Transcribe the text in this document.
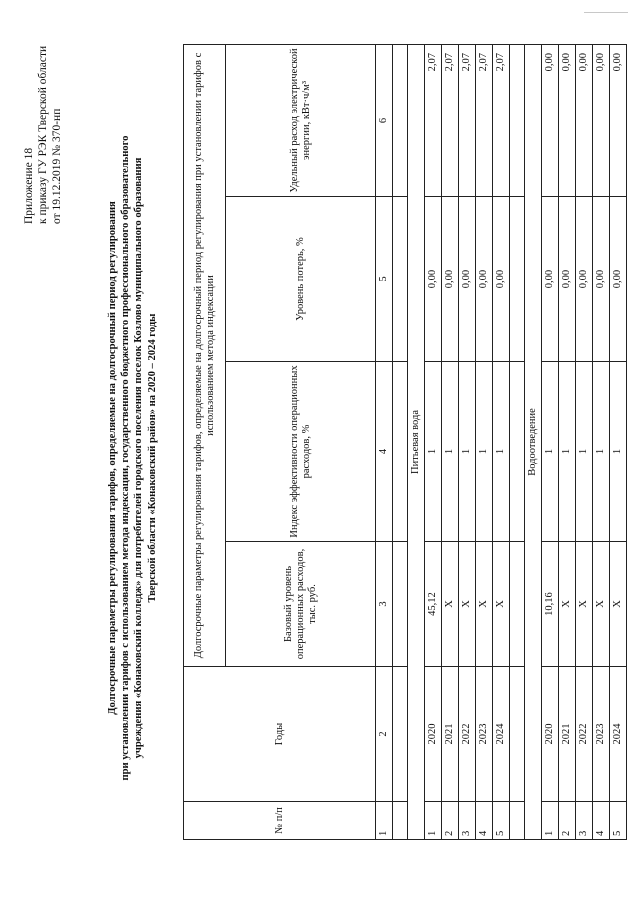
Приложение 18 к приказу ГУ РЭК Тверской области от 19.12.2019 № 370-нп
Долгосрочные параметры регулирования тарифов, определяемые на долгосрочный период регулирования при установлении тарифов с использованием метода индексации, государственного бюджетного профессионального образовательного учреждения «Конаковский колледж» для потребителей городского поселения поселок Козлово муниципального образования Тверской области «Конаковский район» на 2020 – 2024 годы
№ п/п	Годы	Долгосрочные параметры регулирования тарифов, определяемые на долгосрочный период регулирования при установлении тарифов с использованием метода индексации			
		Базовый уровень операционных расходов, тыс. руб.	Индекс эффективности операционных расходов, %	Уровень потерь, %	Удельный расход электрической энергии, кВт·ч/м³
1	2	3	4	5	6

Питьевая вода					
1	2020	45,12	1	0,00	2,07
2	2021	Х	1	0,00	2,07
3	2022	Х	1	0,00	2,07
4	2023	Х	1	0,00	2,07
5	2024	Х	1	0,00	2,07

Водоотведение					
1	2020	10,16	1	0,00	0,00
2	2021	Х	1	0,00	0,00
3	2022	Х	1	0,00	0,00
4	2023	Х	1	0,00	0,00
5	2024	Х	1	0,00	0,00
